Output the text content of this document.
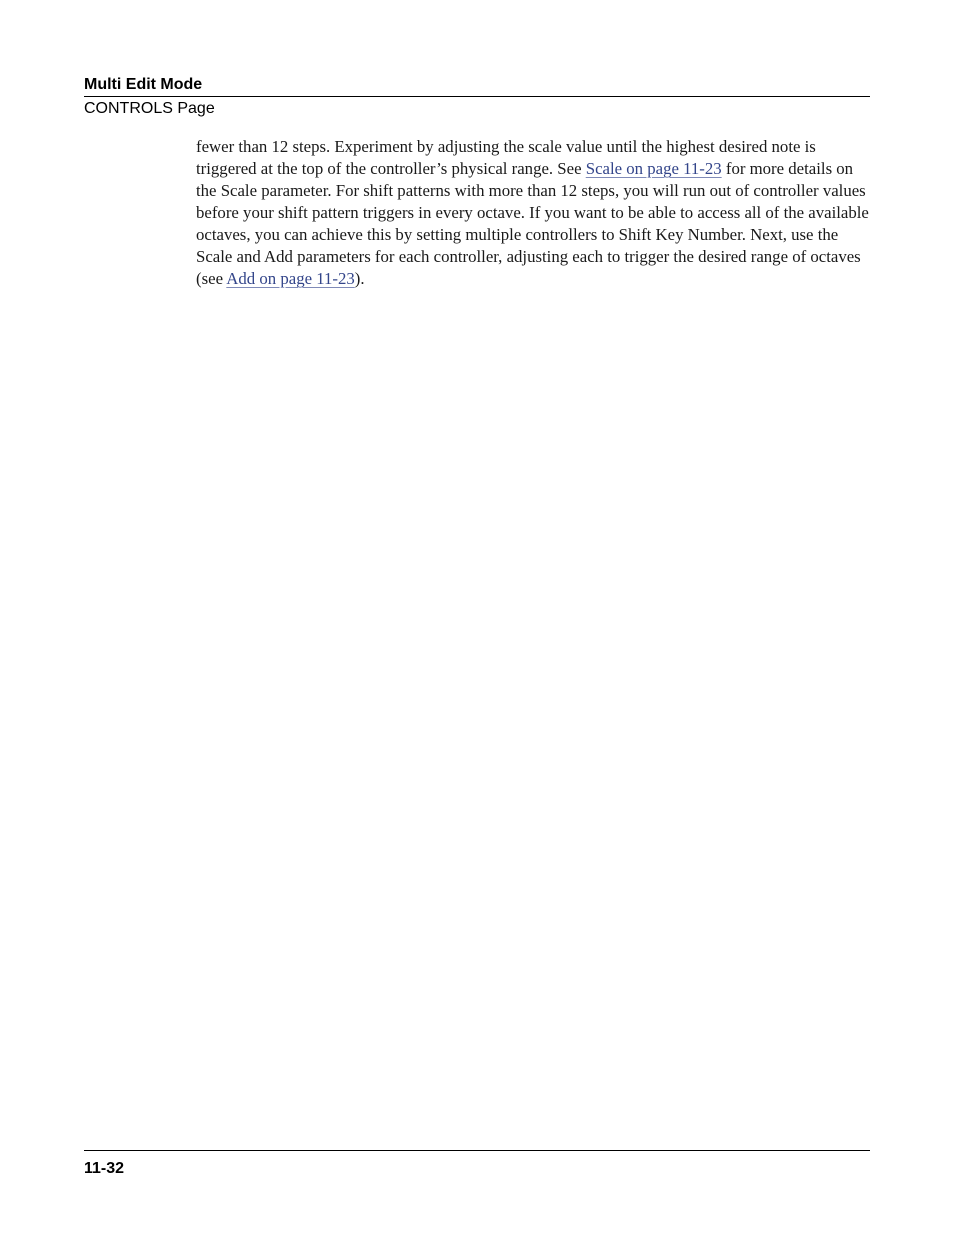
Multi Edit Mode
CONTROLS Page

fewer than 12 steps. Experiment by adjusting the scale value until the highest desired note is triggered at the top of the controller’s physical range. See Scale on page 11-23 for more details on the Scale parameter. For shift patterns with more than 12 steps, you will run out of controller values before your shift pattern triggers in every octave. If you want to be able to access all of the available octaves, you can achieve this by setting multiple controllers to Shift Key Number. Next, use the Scale and Add parameters for each controller, adjusting each to trigger the desired range of octaves (see Add on page 11-23).

11-32
